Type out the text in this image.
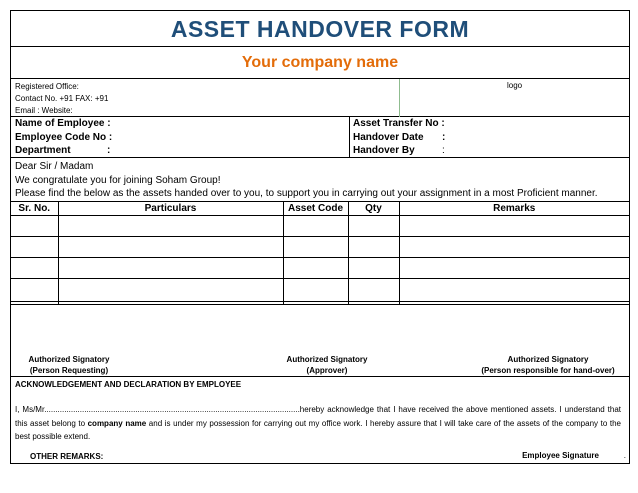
ASSET HANDOVER FORM
Your company name
Registered Office:
Contact No. +91 FAX: +91
Email : Website:
logo
Name of Employee :
Employee Code No :
Department	:
Asset Transfer No :
Handover Date :
Handover By	:
Dear Sir / Madam
We congratulate you for joining Soham Group!
Please find the below as the assets handed over to you, to support you in carrying out your assignment in a most Proficient manner.
Sr. No.	Particulars	Asset Code	Qty	Remarks

Authorized Signatory
(Person Requesting)
Authorized Signatory
(Approver)
Authorized Signatory
(Person responsible for hand-over)
ACKNOWLEDGEMENT AND DECLARATION BY EMPLOYEE
I, Ms/Mr...................................................................................................................hereby acknowledge that I have received the above mentioned assets. I understand that this asset belong to company name and is under my possession for carrying out my office work. I hereby assure that I will take care of the assets of the company to the best possible extend.
Employee Signature	.
OTHER REMARKS:
